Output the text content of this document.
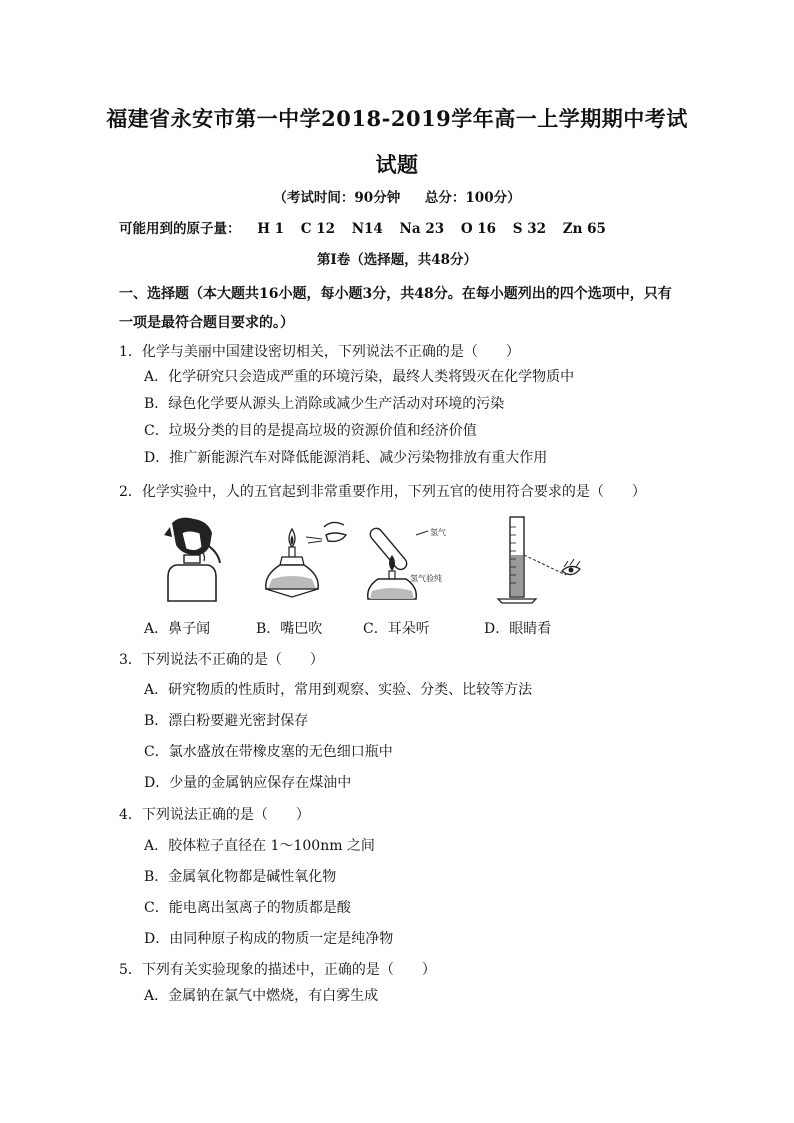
福建省永安市第一中学2018-2019学年高一上学期期中考试
试题
（考试时间：90分钟 总分：100分）
可能用到的原子量： H 1 C 12 N14 Na 23 O 16 S 32 Zn 65
第Ⅰ卷（选择题，共48分）
一、选择题（本大题共16小题，每小题3分，共48分。在每小题列出的四个选项中，只有一项是最符合题目要求的。）
1．化学与美丽中国建设密切相关，下列说法不正确的是（　　）
A．化学研究只会造成严重的环境污染，最终人类将毁灭在化学物质中
B．绿色化学要从源头上消除或减少生产活动对环境的污染
C．垃圾分类的目的是提高垃圾的资源价值和经济价值
D．推广新能源汽车对降低能源消耗、减少污染物排放有重大作用
2．化学实验中，人的五官起到非常重要作用，下列五官的使用符合要求的是（　　）
氢气
氢气验纯
A．鼻子闻	B．嘴巴吹	C．耳朵听	D．眼睛看
3．下列说法不正确的是（　　）
A．研究物质的性质时，常用到观察、实验、分类、比较等方法
B．漂白粉要避光密封保存
C．氯水盛放在带橡皮塞的无色细口瓶中
D．少量的金属钠应保存在煤油中
4．下列说法正确的是（　　）
A．胶体粒子直径在 1～100nm 之间
B．金属氧化物都是碱性氧化物
C．能电离出氢离子的物质都是酸
D．由同种原子构成的物质一定是纯净物
5．下列有关实验现象的描述中，正确的是（　　）
A．金属钠在氯气中燃烧，有白雾生成
